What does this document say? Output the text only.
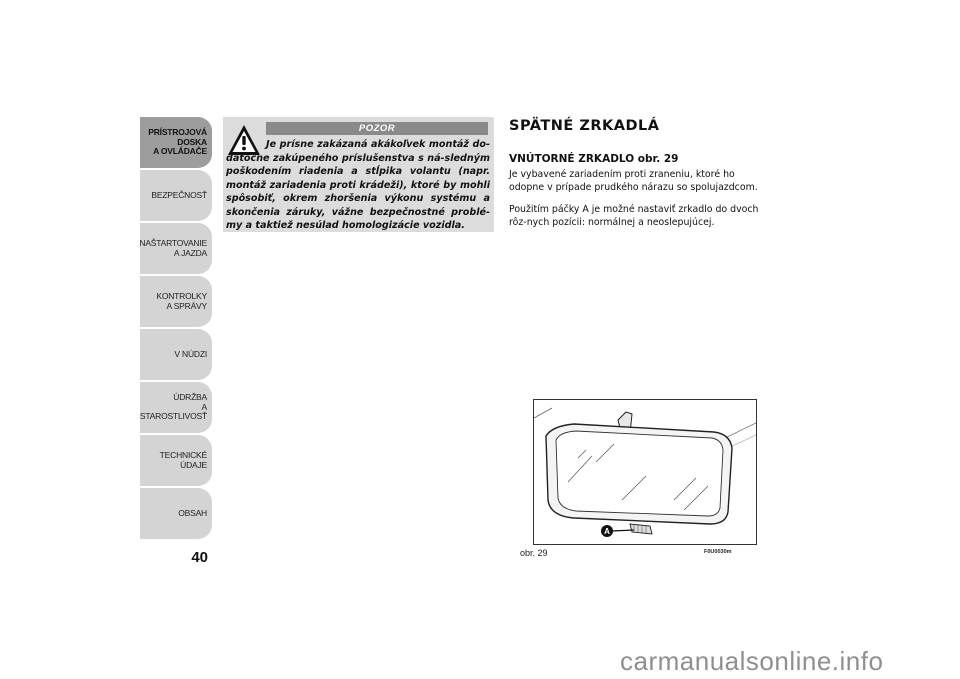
PRÍSTROJOVÁ
DOSKA
A OVLÁDAČE
BEZPEČNOSŤ
NAŠTARTOVANIE
A JAZDA
KONTROLKY
A SPRÁVY
V NÚDZI
ÚDRŽBA
A STAROSTLIVOSŤ
TECHNICKÉ ÚDAJE
OBSAH
40
POZOR
Je prísne zakázaná akákoľvek montáž do-datočne zakúpeného príslušenstva s ná-sledným poškodením riadenia a stĺpika volantu (napr. montáž zariadenia proti krádeži), ktoré by mohli spôsobiť, okrem zhoršenia výkonu systému a skončenia záruky, vážne bezpečnostné problé-my a taktiež nesúlad homologizácie vozidla.
SPÄTNÉ ZRKADLÁ
VNÚTORNÉ ZRKADLO obr. 29
Je vybavené zariadením proti zraneniu, ktoré ho odopne v prípade prudkého nárazu so spolujazdcom.
Použitím páčky A je možné nastaviť zrkadlo do dvoch rôz-nych pozícii: normálnej a neoslepujúcej.
A
obr. 29	F0U0030m
carmanualsonline.info
